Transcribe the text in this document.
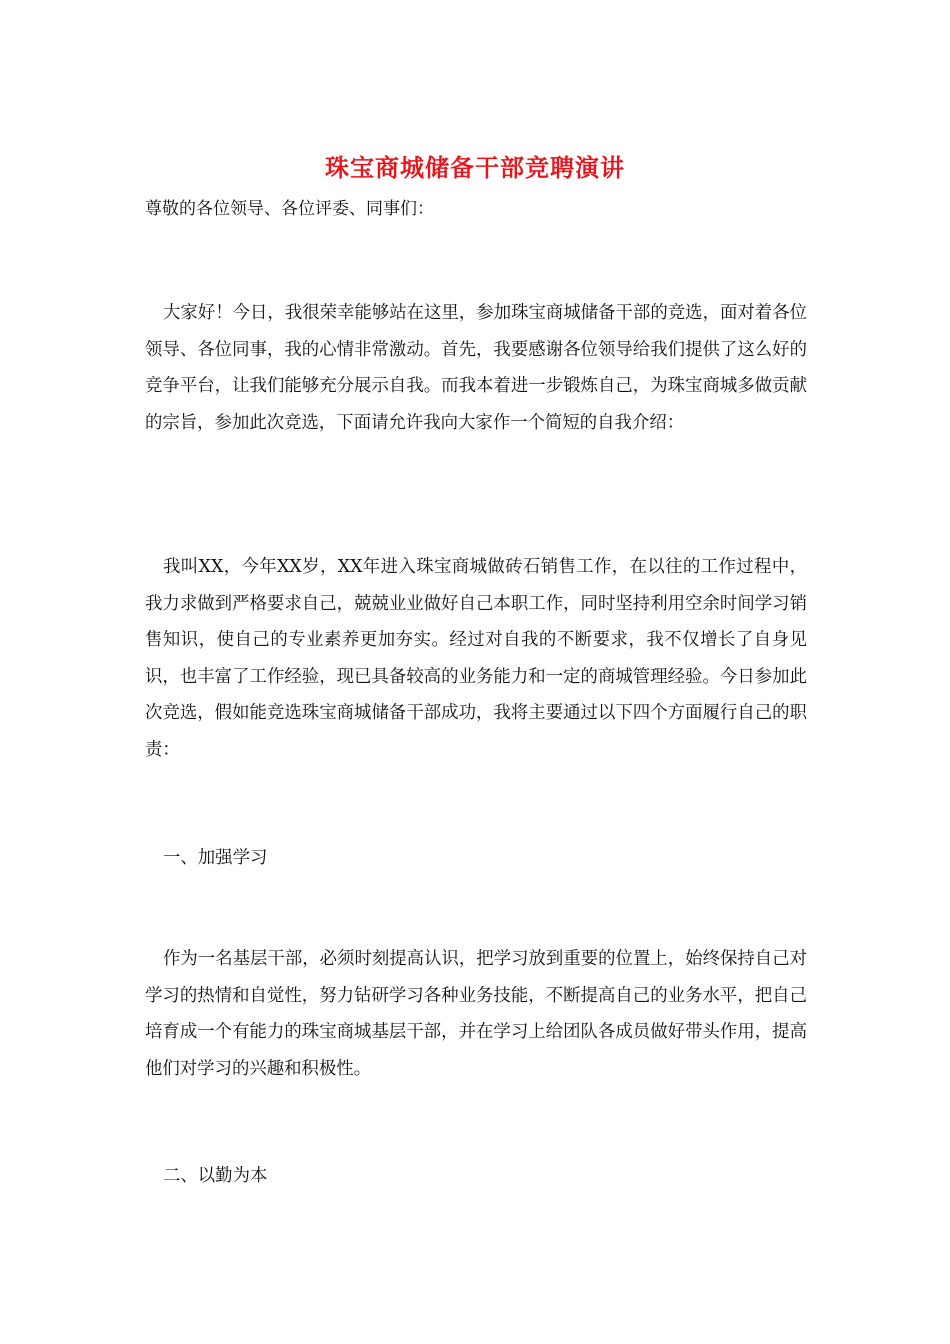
珠宝商城储备干部竞聘演讲
尊敬的各位领导、各位评委、同事们：

大家好！今日，我很荣幸能够站在这里，参加珠宝商城储备干部的竞选，面对着各位领导、各位同事，我的心情非常激动。首先，我要感谢各位领导给我们提供了这么好的竞争平台，让我们能够充分展示自我。而我本着进一步锻炼自己，为珠宝商城多做贡献的宗旨，参加此次竞选，下面请允许我向大家作一个简短的自我介绍：

我叫XX，今年XX岁，XX年进入珠宝商城做砖石销售工作，在以往的工作过程中，我力求做到严格要求自己，兢兢业业做好自己本职工作，同时坚持利用空余时间学习销售知识，使自己的专业素养更加夯实。经过对自我的不断要求，我不仅增长了自身见识，也丰富了工作经验，现已具备较高的业务能力和一定的商城管理经验。今日参加此次竞选，假如能竞选珠宝商城储备干部成功，我将主要通过以下四个方面履行自己的职责：

一、加强学习

作为一名基层干部，必须时刻提高认识，把学习放到重要的位置上，始终保持自己对学习的热情和自觉性，努力钻研学习各种业务技能，不断提高自己的业务水平，把自己培育成一个有能力的珠宝商城基层干部，并在学习上给团队各成员做好带头作用，提高他们对学习的兴趣和积极性。

二、以勤为本
